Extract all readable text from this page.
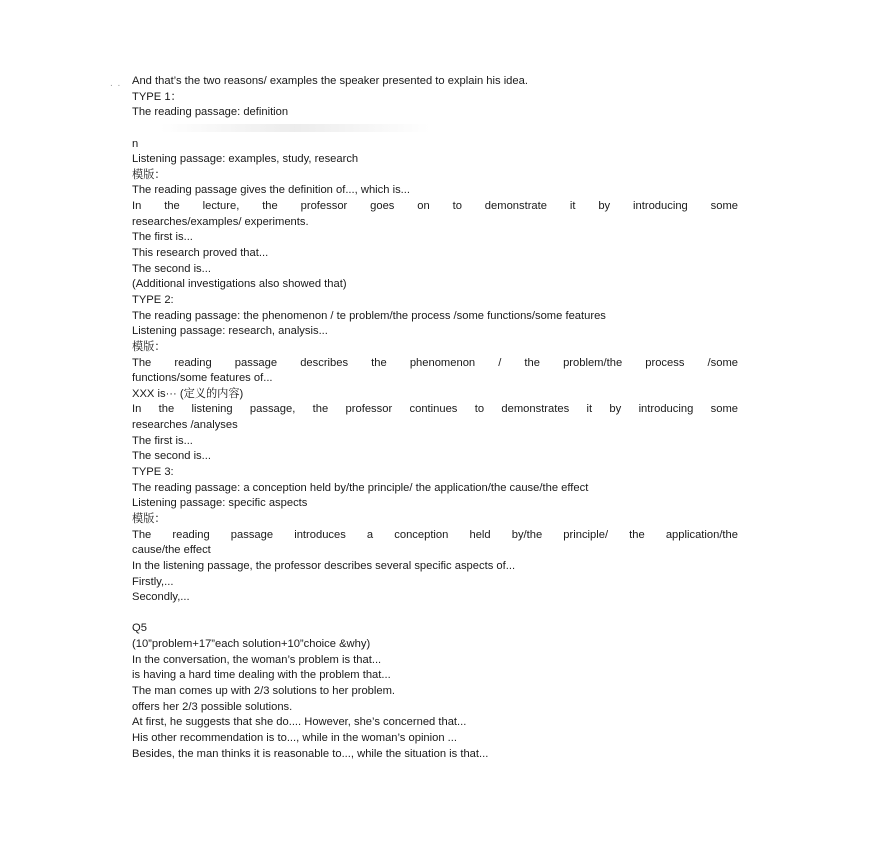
. . And that’s the two reasons/ examples the speaker presented to explain his idea.
TYPE 1：
The reading passage: definition
n
Listening passage: examples, study, research
模版：
The reading passage gives the definition of..., which is...
In the lecture, the professor goes on to demonstrate it by introducing some
researches/examples/ experiments.
The first is...
This research proved that...
The second is...
(Additional investigations also showed that)
TYPE 2:
The reading passage: the phenomenon / te problem/the process /some functions/some features
Listening passage: research, analysis...
模版：
The reading passage describes the phenomenon / the problem/the process /some
functions/some features of...
XXX is··· (定义的内容)
In the listening passage, the professor continues to demonstrates it by introducing some
researches /analyses
The first is...
The second is...
TYPE 3:
The reading passage: a conception held by/the principle/ the application/the cause/the effect
Listening passage: specific aspects
模版：
The reading passage introduces a conception held by/the principle/ the application/the
cause/the effect
In the listening passage, the professor describes several specific aspects of...
Firstly,...
Secondly,...
Q5
(10”problem+17”each solution+10”choice &why)
In the conversation, the woman’s problem is that...
is having a hard time dealing with the problem that...
The man comes up with 2/3 solutions to her problem.
offers her 2/3 possible solutions.
At first, he suggests that she do.... However, she’s concerned that...
His other recommendation is to..., while in the woman’s opinion ...
Besides, the man thinks it is reasonable to..., while the situation is that...
